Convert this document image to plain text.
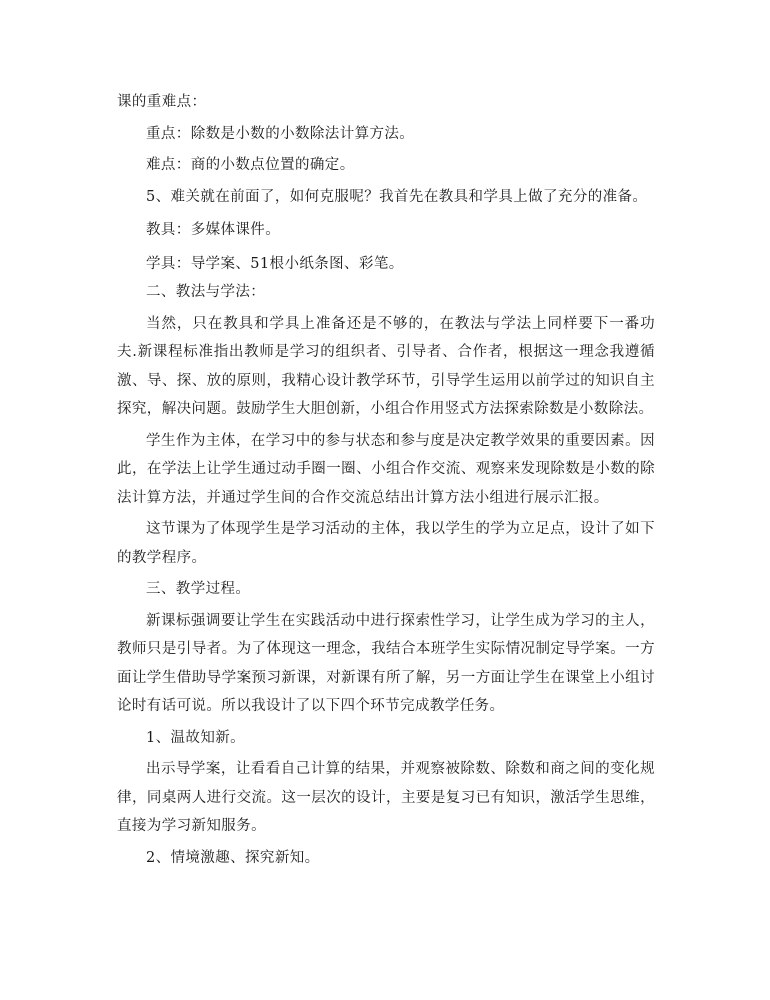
课的重难点：

重点：除数是小数的小数除法计算方法。

难点：商的小数点位置的确定。

5、难关就在前面了，如何克服呢？我首先在教具和学具上做了充分的准备。

教具：多媒体课件。

学具：导学案、51根小纸条图、彩笔。

二、教法与学法：

当然，只在教具和学具上准备还是不够的，在教法与学法上同样要下一番功夫.新课程标准指出教师是学习的组织者、引导者、合作者，根据这一理念我遵循激、导、探、放的原则，我精心设计教学环节，引导学生运用以前学过的知识自主探究，解决问题。鼓励学生大胆创新，小组合作用竖式方法探索除数是小数除法。

学生作为主体，在学习中的参与状态和参与度是决定教学效果的重要因素。因此，在学法上让学生通过动手圈一圈、小组合作交流、观察来发现除数是小数的除法计算方法，并通过学生间的合作交流总结出计算方法小组进行展示汇报。

这节课为了体现学生是学习活动的主体，我以学生的学为立足点，设计了如下的教学程序。

三、教学过程。

新课标强调要让学生在实践活动中进行探索性学习，让学生成为学习的主人，教师只是引导者。为了体现这一理念，我结合本班学生实际情况制定导学案。一方面让学生借助导学案预习新课，对新课有所了解，另一方面让学生在课堂上小组讨论时有话可说。所以我设计了以下四个环节完成教学任务。

1、温故知新。

出示导学案，让看看自己计算的结果，并观察被除数、除数和商之间的变化规律，同桌两人进行交流。这一层次的设计，主要是复习已有知识，激活学生思维，直接为学习新知服务。

2、情境激趣、探究新知。
